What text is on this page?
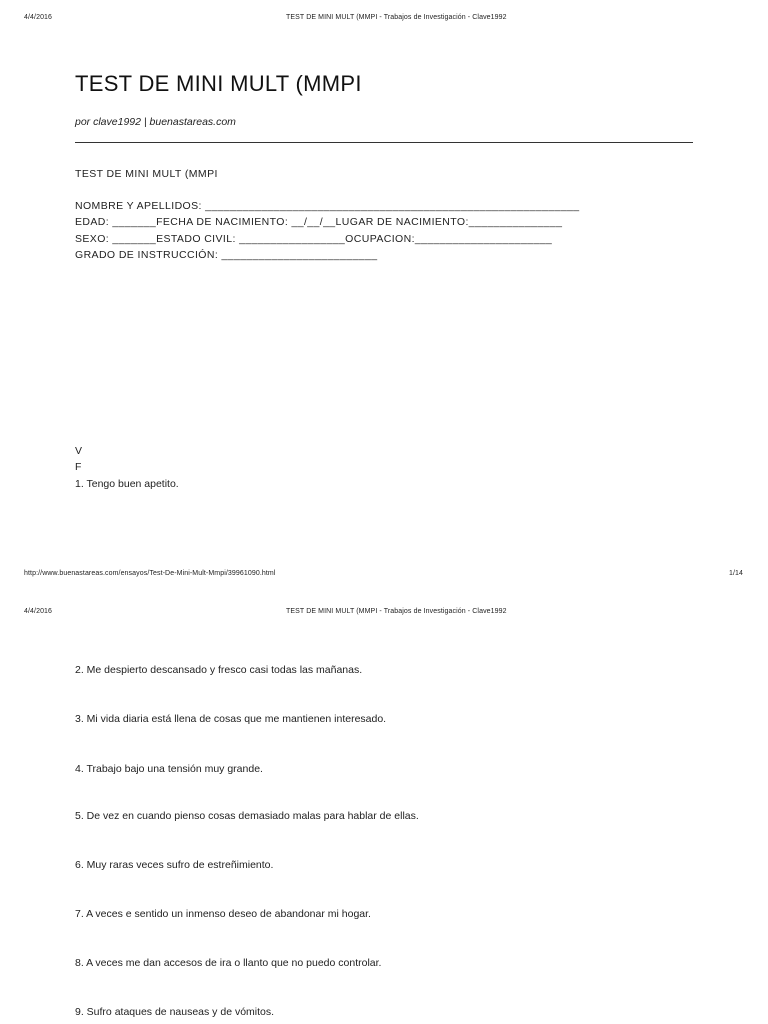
4/4/2016	TEST DE MINI MULT (MMPI - Trabajos de Investigación - Clave1992
TEST DE MINI MULT (MMPI
por clave1992 | buenastareas.com
TEST DE MINI MULT (MMPI
NOMBRE Y APELLIDOS: ____________________________________________________________
EDAD: _______FECHA DE NACIMIENTO: __/__/__LUGAR DE NACIMIENTO:_______________
SEXO: _______ESTADO CIVIL: _________________OCUPACION:______________________
GRADO DE INSTRUCCIÓN: _________________________
V
F
1. Tengo buen apetito.
http://www.buenastareas.com/ensayos/Test-De-Mini-Mult-Mmpi/39961090.html	1/14
4/4/2016	TEST DE MINI MULT (MMPI - Trabajos de Investigación - Clave1992
2. Me despierto descansado y fresco casi todas las mañanas.
3. Mi vida diaria está llena de cosas que me mantienen interesado.
4. Trabajo bajo una tensión muy grande.
5. De vez en cuando pienso cosas demasiado malas para hablar de ellas.
6. Muy raras veces sufro de estreñimiento.
7. A veces e sentido un inmenso deseo de abandonar mi hogar.
8. A veces me dan accesos de ira o llanto que no puedo controlar.
9. Sufro ataques de nauseas y de vómitos.
